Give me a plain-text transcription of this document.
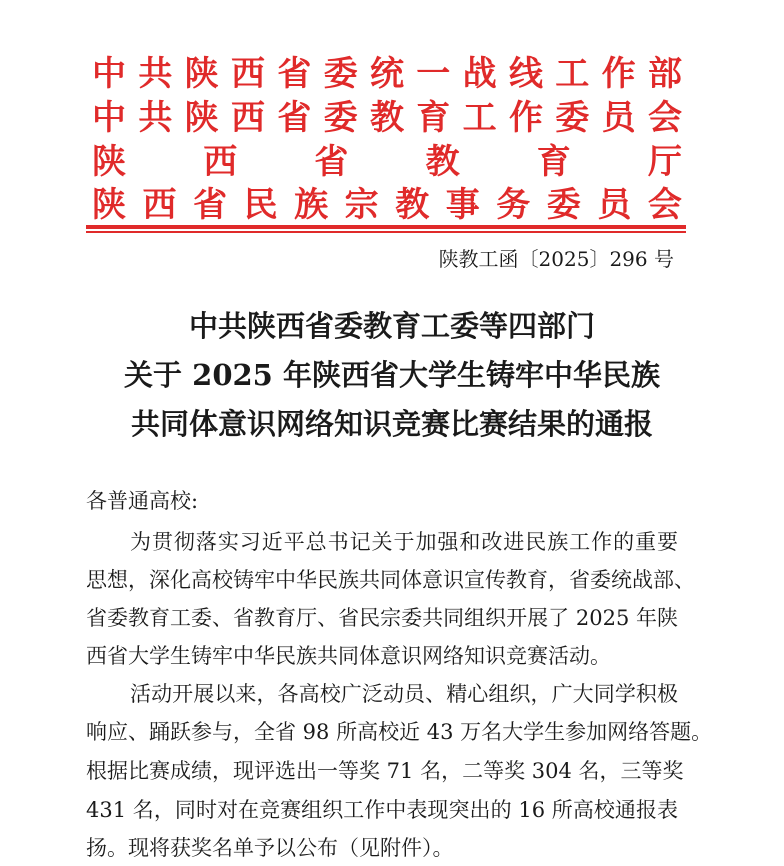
中 共 陕 西 省 委 统 一 战 线 工 作 部
中 共 陕 西 省 委 教 育 工 作 委 员 会
陕 西 省 教 育 厅
陕 西 省 民 族 宗 教 事 务 委 员 会
陕教工函〔2025〕296 号
中共陕西省委教育工委等四部门
关于 2025 年陕西省大学生铸牢中华民族
共同体意识网络知识竞赛比赛结果的通报
各普通高校:
为贯彻落实习近平总书记关于加强和改进民族工作的重要
思想，深化高校铸牢中华民族共同体意识宣传教育，省委统战部、
省委教育工委、省教育厅、省民宗委共同组织开展了 2025 年陕
西省大学生铸牢中华民族共同体意识网络知识竞赛活动。
活动开展以来，各高校广泛动员、精心组织，广大同学积极
响应、踊跃参与，全省 98 所高校近 43 万名大学生参加网络答题。
根据比赛成绩，现评选出一等奖 71 名，二等奖 304 名，三等奖
431 名，同时对在竞赛组织工作中表现突出的 16 所高校通报表
扬。现将获奖名单予以公布（见附件）。
